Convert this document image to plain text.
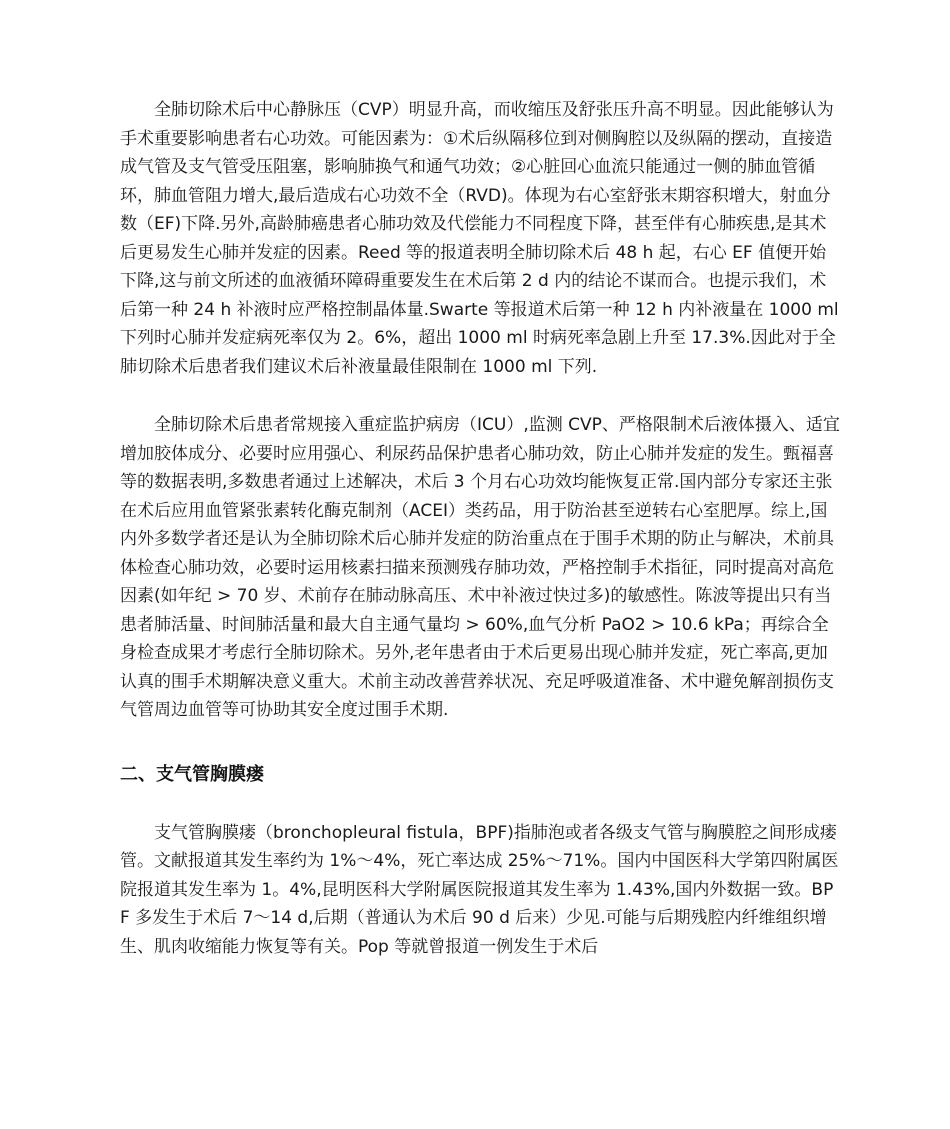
全肺切除术后中心静脉压（CVP）明显升高，而收缩压及舒张压升高不明显。因此能够认为手术重要影响患者右心功效。可能因素为：①术后纵隔移位到对侧胸腔以及纵隔的摆动，直接造成气管及支气管受压阻塞，影响肺换气和通气功效；②心脏回心血流只能通过一侧的肺血管循环，肺血管阻力增大,最后造成右心功效不全（RVD)。体现为右心室舒张末期容积增大，射血分数（EF)下降.另外,高龄肺癌患者心肺功效及代偿能力不同程度下降，甚至伴有心肺疾患,是其术后更易发生心肺并发症的因素。Reed 等的报道表明全肺切除术后 48 h 起，右心 EF 值便开始下降,这与前文所述的血液循环障碍重要发生在术后第 2 d 内的结论不谋而合。也提示我们，术后第一种 24 h 补液时应严格控制晶体量.Swarte 等报道术后第一种 12 h 内补液量在 1000 ml 下列时心肺并发症病死率仅为 2。6%，超出 1000 ml 时病死率急剧上升至 17.3%.因此对于全肺切除术后患者我们建议术后补液量最佳限制在 1000 ml 下列.

全肺切除术后患者常规接入重症监护病房（ICU）,监测 CVP、严格限制术后液体摄入、适宜增加胶体成分、必要时应用强心、利尿药品保护患者心肺功效，防止心肺并发症的发生。甄福喜等的数据表明,多数患者通过上述解决，术后 3 个月右心功效均能恢复正常.国内部分专家还主张在术后应用血管紧张素转化酶克制剂（ACEI）类药品，用于防治甚至逆转右心室肥厚。综上,国内外多数学者还是认为全肺切除术后心肺并发症的防治重点在于围手术期的防止与解决，术前具体检查心肺功效，必要时运用核素扫描来预测残存肺功效，严格控制手术指征，同时提高对高危因素(如年纪 > 70 岁、术前存在肺动脉高压、术中补液过快过多)的敏感性。陈波等提出只有当患者肺活量、时间肺活量和最大自主通气量均 > 60%,血气分析 PaO2 > 10.6 kPa；再综合全身检查成果才考虑行全肺切除术。另外,老年患者由于术后更易出现心肺并发症，死亡率高,更加认真的围手术期解决意义重大。术前主动改善营养状况、充足呼吸道准备、术中避免解剖损伤支气管周边血管等可协助其安全度过围手术期.

二、支气管胸膜瘘

支气管胸膜瘘（bronchopleural fistula，BPF)指肺泡或者各级支气管与胸膜腔之间形成瘘管。文献报道其发生率约为 1%～4%，死亡率达成 25%～71%。国内中国医科大学第四附属医院报道其发生率为 1。4%,昆明医科大学附属医院报道其发生率为 1.43%,国内外数据一致。BPF 多发生于术后 7～14 d,后期（普通认为术后 90 d 后来）少见.可能与后期残腔内纤维组织增生、肌肉收缩能力恢复等有关。Pop 等就曾报道一例发生于术后
